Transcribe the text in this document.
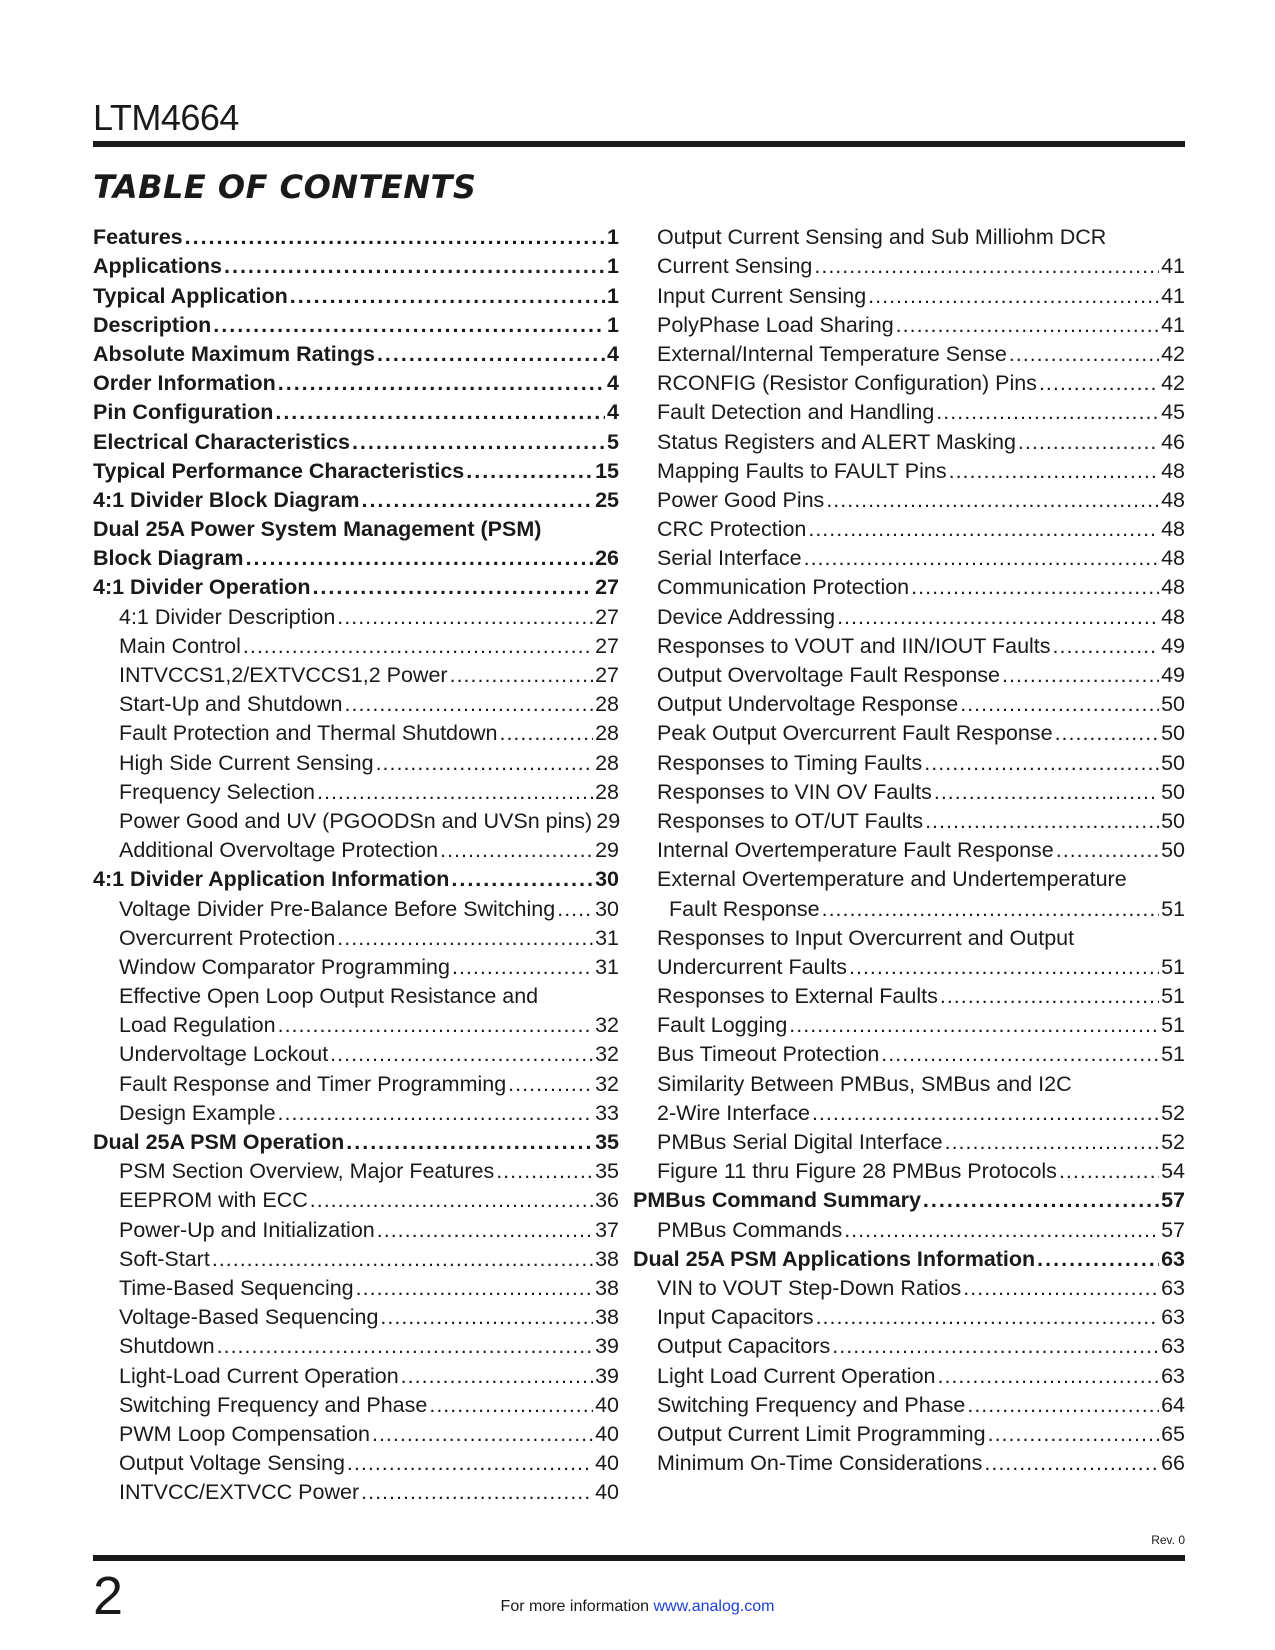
LTM4664
TABLE OF CONTENTS
Features .....	1
Applications .....	1
Typical Application .....	1
Description .....	1
Absolute Maximum Ratings .....	4
Order Information .....	4
Pin Configuration .....	4
Electrical Characteristics .....	5
Typical Performance Characteristics .....	15
4:1 Divider Block Diagram .....	25
Dual 25A Power System Management (PSM)
Block Diagram .....	26
4:1 Divider Operation .....	27
4:1 Divider Description .....	27
Main Control .....	27
INTVCCS1,2/EXTVCCS1,2 Power .....	27
Start-Up and Shutdown .....	28
Fault Protection and Thermal Shutdown .....	28
High Side Current Sensing .....	28
Frequency Selection .....	28
Power Good and UV (PGOODSn and UVSn pins) 29
Additional Overvoltage Protection .....	29
4:1 Divider Application Information .....	30
Voltage Divider Pre-Balance Before Switching ..... 30
Overcurrent Protection .....	31
Window Comparator Programming .....	31
Effective Open Loop Output Resistance and
Load Regulation .....	32
Undervoltage Lockout .....	32
Fault Response and Timer Programming .....	32
Design Example .....	33
Dual 25A PSM Operation .....	35
PSM Section Overview, Major Features .....	35
EEPROM with ECC .....	36
Power-Up and Initialization .....	37
Soft-Start .....	38
Time-Based Sequencing .....	38
Voltage-Based Sequencing .....	38
Shutdown .....	39
Light-Load Current Operation .....	39
Switching Frequency and Phase .....	40
PWM Loop Compensation .....	40
Output Voltage Sensing .....	40
INTVCC/EXTVCC Power .....	40
Output Current Sensing and Sub Milliohm DCR
Current Sensing .....	41
Input Current Sensing .....	41
PolyPhase Load Sharing .....	41
External/Internal Temperature Sense .....	42
RCONFIG (Resistor Configuration) Pins .....	42
Fault Detection and Handling .....	45
Status Registers and ALERT Masking .....	46
Mapping Faults to FAULT Pins .....	48
Power Good Pins .....	48
CRC Protection .....	48
Serial Interface .....	48
Communication Protection .....	48
Device Addressing .....	48
Responses to VOUT and IIN/IOUT Faults .....	49
Output Overvoltage Fault Response .....	49
Output Undervoltage Response .....	50
Peak Output Overcurrent Fault Response .....	50
Responses to Timing Faults .....	50
Responses to VIN OV Faults .....	50
Responses to OT/UT Faults .....	50
Internal Overtemperature Fault Response .....	50
External Overtemperature and Undertemperature
Fault Response .....	51
Responses to Input Overcurrent and Output
Undercurrent Faults .....	51
Responses to External Faults .....	51
Fault Logging .....	51
Bus Timeout Protection .....	51
Similarity Between PMBus, SMBus and I2C
2-Wire Interface .....	52
PMBus Serial Digital Interface .....	52
Figure 11 thru Figure 28 PMBus Protocols .....	54
PMBus Command Summary .....	57
PMBus Commands .....	57
Dual 25A PSM Applications Information .....	63
VIN to VOUT Step-Down Ratios .....	63
Input Capacitors .....	63
Output Capacitors .....	63
Light Load Current Operation .....	63
Switching Frequency and Phase .....	64
Output Current Limit Programming .....	65
Minimum On-Time Considerations .....	66
Rev. 0
2	For more information www.analog.com
